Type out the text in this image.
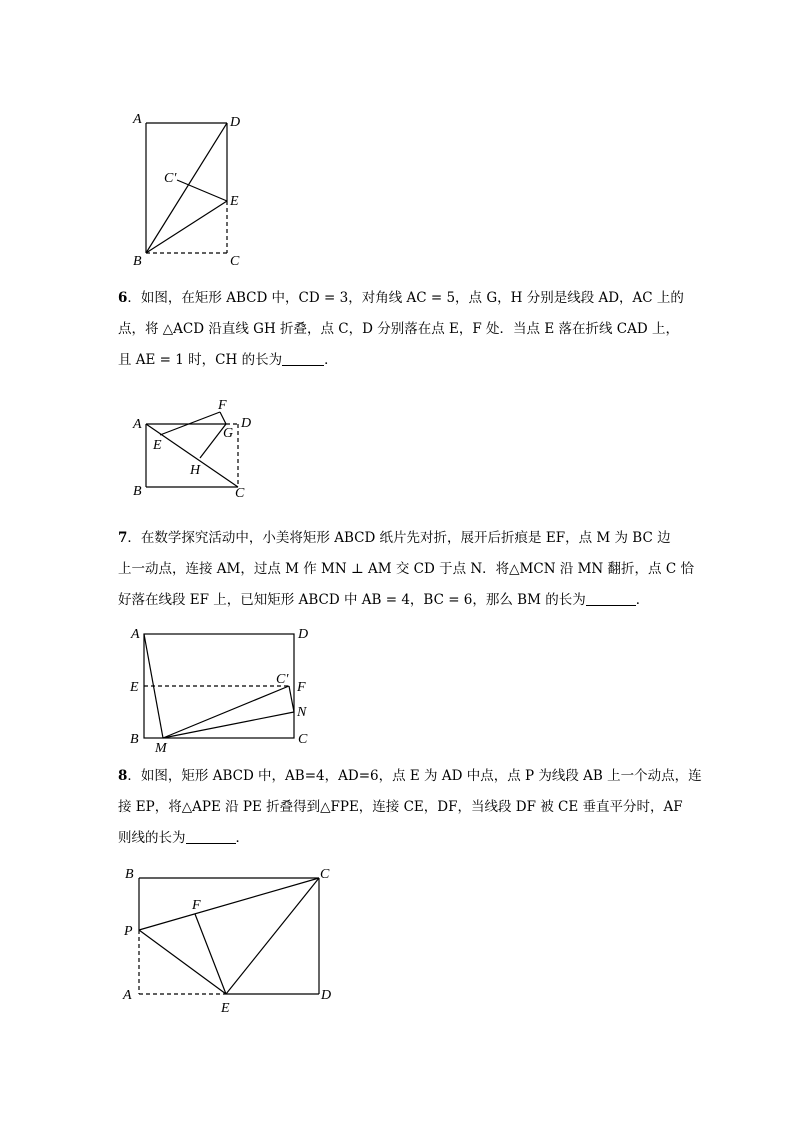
A	D
C′
E
B	C
6．如图，在矩形 ABCD 中，CD = 3，对角线 AC = 5，点 G，H 分别是线段 AD，AC 上的
点，将 △ACD 沿直线 GH 折叠，点 C，D 分别落在点 E，F 处．当点 E 落在折线 CAD 上，
且 AE = 1 时，CH 的长为	．
A
F
D
G
E
H
B	C
7．在数学探究活动中，小美将矩形 ABCD 纸片先对折，展开后折痕是 EF，点 M 为 BC 边
上一动点，连接 AM，过点 M 作 MN ⊥ AM 交 CD 于点 N．将△MCN 沿 MN 翻折，点 C 恰
好落在线段 EF 上，已知矩形 ABCD 中 AB = 4，BC = 6，那么 BM 的长为	．
A	D
E
C′
F
N
B
M
C
8．如图，矩形 ABCD 中，AB=4，AD=6，点 E 为 AD 中点，点 P 为线段 AB 上一个动点，连
接 EP，将△APE 沿 PE 折叠得到△FPE，连接 CE，DF，当线段 DF 被 CE 垂直平分时，AF
则线的长为	．
B	C
F
P
A
E
D
